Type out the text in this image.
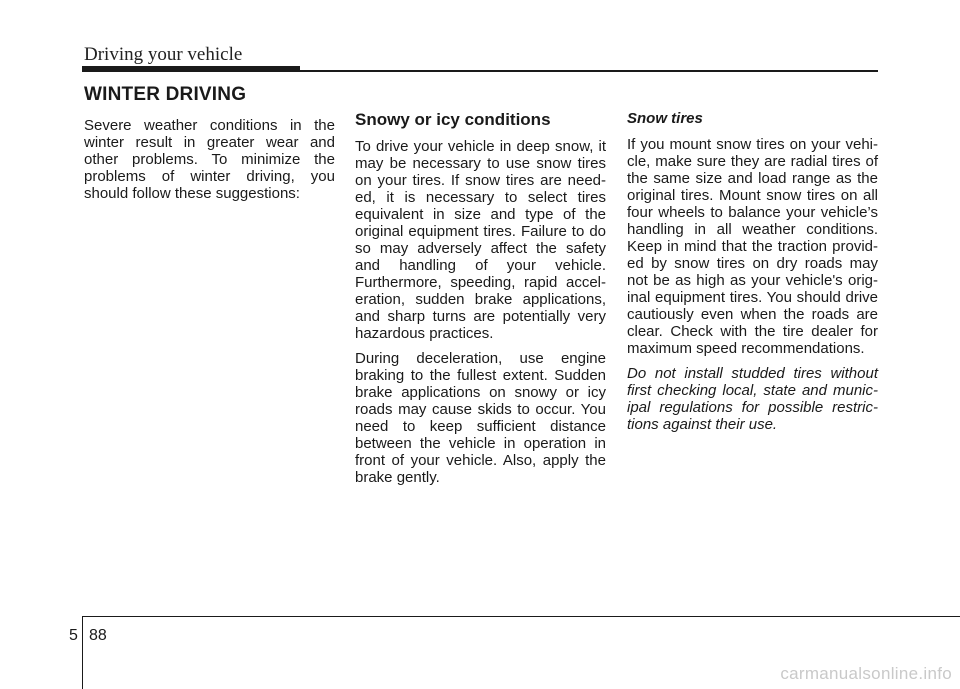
Driving your vehicle
WINTER DRIVING

Severe weather conditions in the winter result in greater wear and other problems. To minimize the problems of winter driving, you should follow these suggestions:

Snowy or icy conditions

To drive your vehicle in deep snow, it may be necessary to use snow tires on your tires. If snow tires are need-ed, it is necessary to select tires equivalent in size and type of the original equipment tires. Failure to do so may adversely affect the safety and handling of your vehicle. Furthermore, speeding, rapid accel-eration, sudden brake applications, and sharp turns are potentially very hazardous practices.

During deceleration, use engine braking to the fullest extent. Sudden brake applications on snowy or icy roads may cause skids to occur. You need to keep sufficient distance between the vehicle in operation in front of your vehicle. Also, apply the brake gently.

Snow tires

If you mount snow tires on your vehi-cle, make sure they are radial tires of the same size and load range as the original tires. Mount snow tires on all four wheels to balance your vehicle’s handling in all weather conditions. Keep in mind that the traction provid-ed by snow tires on dry roads may not be as high as your vehicle's orig-inal equipment tires. You should drive cautiously even when the roads are clear. Check with the tire dealer for maximum speed recommendations.

Do not install studded tires without first checking local, state and munic-ipal regulations for possible restric-tions against their use.

5 88
carmanualsonline.info
